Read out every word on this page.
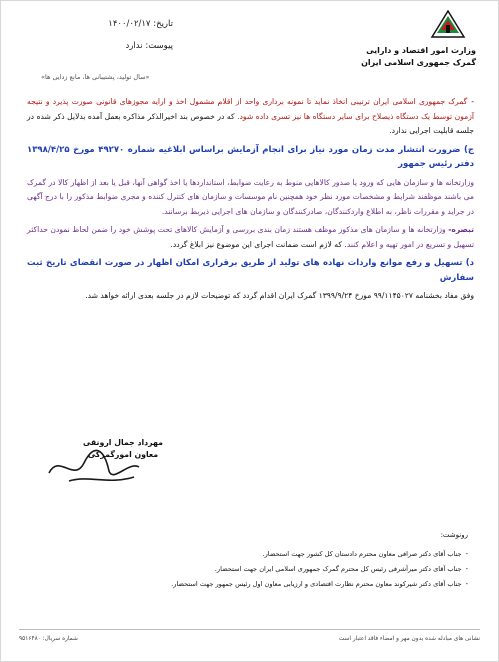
وزارت امور اقتصاد و دارایی
گمرک جمهوری اسلامی ایران
تاریخ: ۱۴۰۰/۰۲/۱۷
پیوست: ندارد
«سال تولید، پشتیبانی ها، مانع زدایی ها»

-گمرک جمهوری اسلامی ایران ترتیبی اتخاذ نماید تا نمونه برداری واحد از اقلام مشمول اخذ و ارایه مجوزهای قانونی صورت پذیرد و نتیجه آزمون توسط یک دستگاه ذیصلاح برای سایر دستگاه ها نیز تسری داده شود. که در خصوص بند اخیرالذکر مذاکره بعمل آمده بدلایل ذکر شده در جلسه قابلیت اجرایی ندارد.

ج) ضرورت انتشار مدت زمان مورد نیاز برای انجام آزمایش براساس ابلاغیه شماره ۴۹۲۷۰ مورخ ۱۳۹۸/۴/۲۵ دفتر رئیس جمهور

وزارتخانه ها و سازمان هایی که ورود یا صدور کالاهایی منوط به رعایت ضوابط، استانداردها یا اخذ گواهی آنها، قبل یا بعد از اظهار کالا در گمرک می باشند موظفند شرایط و مشخصات مورد نظر خود همچنین نام موسسات و سازمان های کنترل کننده و مجری ضوابط مذکور را با درج آگهی در جراید و مقررات ناظر، به اطلاع واردکنندگان، صادرکنندگان و سازمان های اجرایی ذیربط برسانند.

تبصره- وزارتخانه ها و سازمان های مذکور موظف هستند زمان بندی بررسی و آزمایش کالاهای تحت پوشش خود را ضمن لحاظ نمودن حداکثر تسهیل و تسریع در امور تهیه و اعلام کنند. که لازم است ضمانت اجرای این موضوع نیز ابلاغ گردد.

د) تسهیل و رفع موانع واردات نهاده های تولید از طریق برقراری امکان اظهار در صورت انقضای تاریخ ثبت سفارش

وفق مفاد بخشنامه ۹۹/۱۱۴۵۰۲۷ مورخ ۱۳۹۹/۹/۲۴ گمرک ایران اقدام گردد که توضیحات لازم در جلسه بعدی ارائه خواهد شد.

مهرداد جمال ارونقی
معاون امورگمرکی
رونوشت:
-
جناب آقای دکتر صرافی معاون محترم دادستان کل کشور جهت استحضار.
-
جناب آقای دکتر میرآشرفی رئیس کل محترم گمرک جمهوری اسلامی ایران جهت استحضار.
-
جناب آقای دکتر شیرکوند معاون محترم نظارت اقتصادی و ارزیابی معاون اول رئیس جمهور جهت استحضار.
نشانی های مبادله شده بدون مهر و امضاء فاقد اعتبار است
شماره سریال: ۹۵۱۶۴۸۰
